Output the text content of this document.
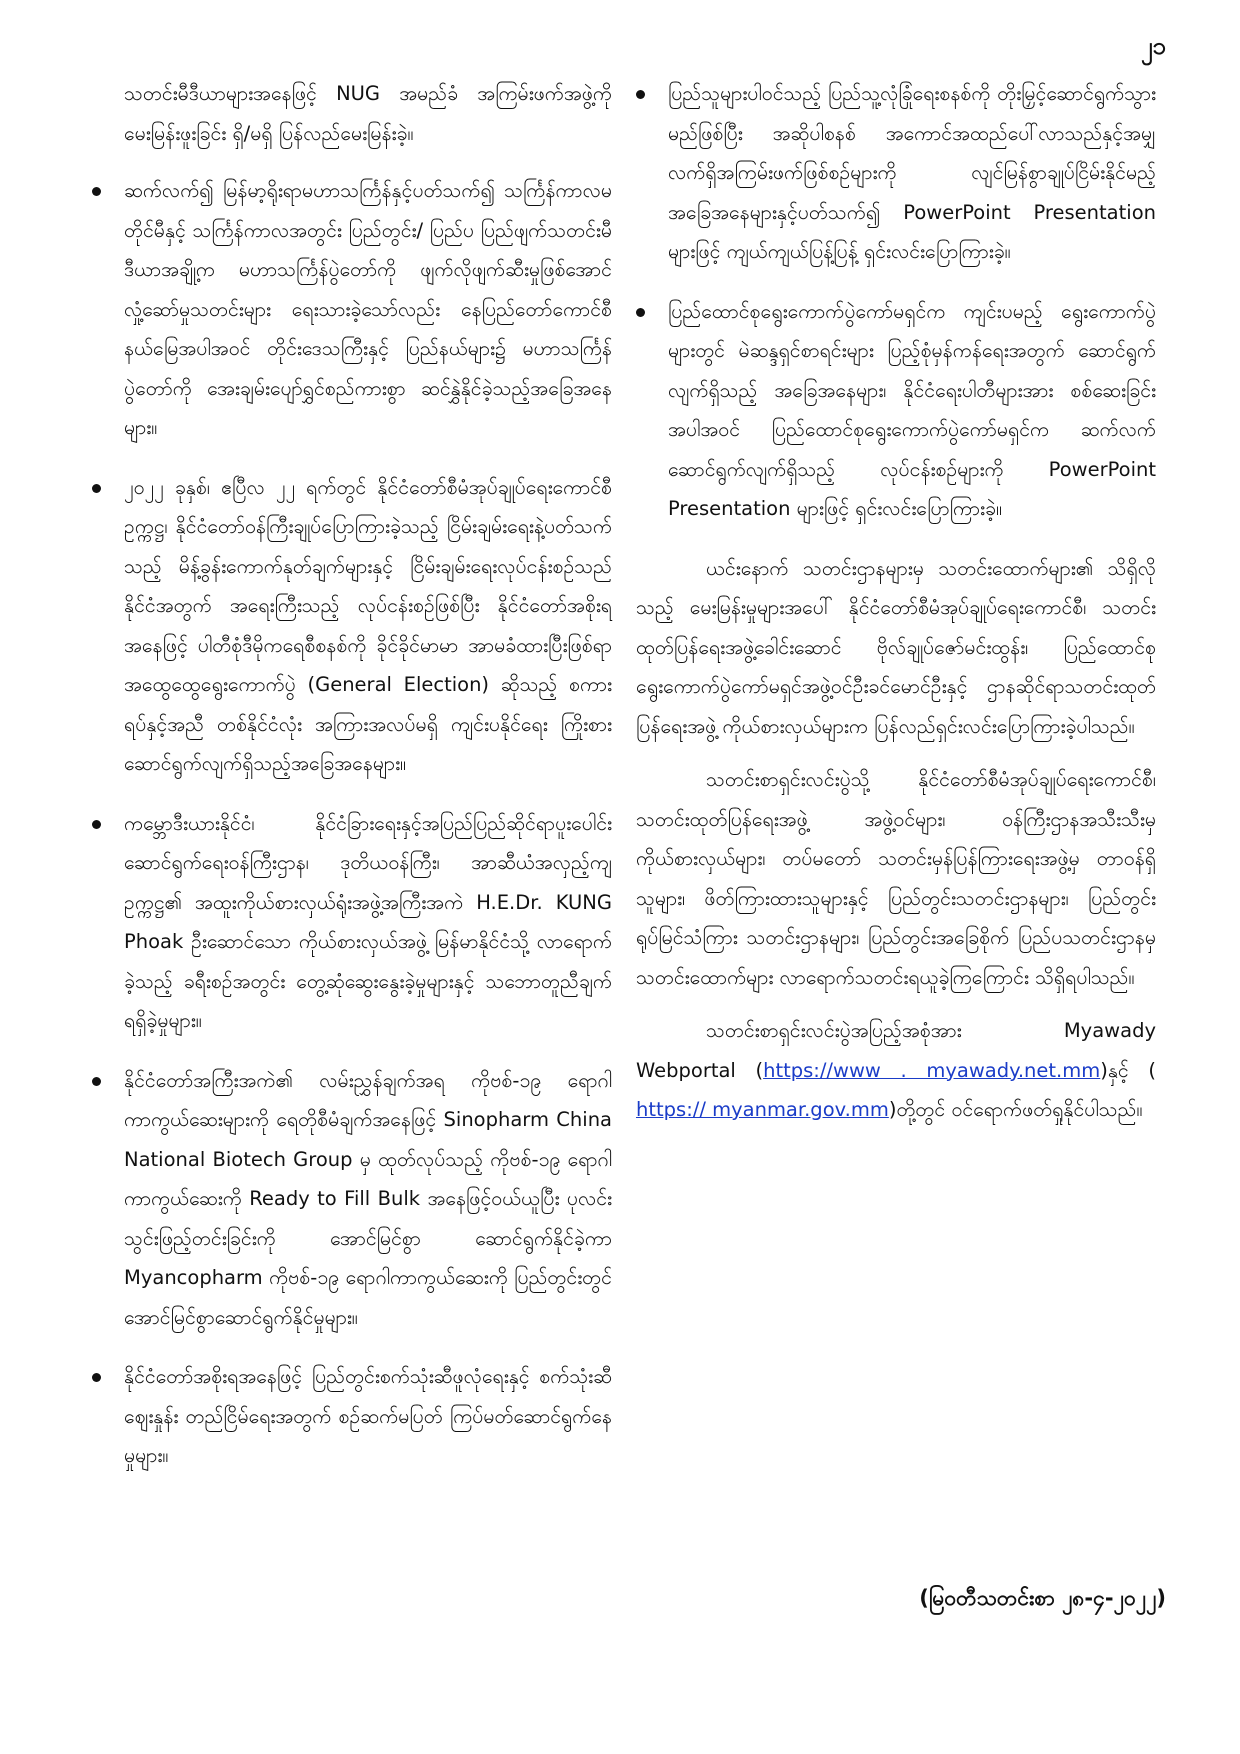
၂၁

သတင်းမီဒီယာများအနေဖြင့် NUG အမည်ခံ အကြမ်းဖက်အဖွဲ့ကို မေးမြန်းဖူးခြင်း ရှိ/မရှိ ပြန်လည်မေးမြန်းခဲ့။

ဆက်လက်၍ မြန်မာ့ရိုးရာမဟာသင်္ကြန်နှင့်ပတ်သက်၍ သင်္ကြန်ကာလမတိုင်မီနှင့် သင်္ကြန်ကာလအတွင်း ပြည်တွင်း/ ပြည်ပ ပြည်ဖျက်သတင်းမီဒီယာအချို့က မဟာသင်္ကြန်ပွဲတော်ကို ဖျက်လိုဖျက်ဆီးမှုဖြစ်အောင် လှုံ့ဆော်မှုသတင်းများ ရေးသားခဲ့သော်လည်း နေပြည်တော်ကောင်စီနယ်မြေအပါအဝင် တိုင်းဒေသကြီးနှင့် ပြည်နယ်များ၌ မဟာသင်္ကြန်ပွဲတော်ကို အေးချမ်းပျော်ရွှင်စည်ကားစွာ ဆင်နွှဲနိုင်ခဲ့သည့်အခြေအနေများ။
၂၀၂၂ ခုနှစ်၊ ဧပြီလ ၂၂ ရက်တွင် နိုင်ငံတော်စီမံအုပ်ချုပ်ရေးကောင်စီဥက္ကဋ္ဌ၊ နိုင်ငံတော်ဝန်ကြီးချုပ်ပြောကြားခဲ့သည့် ငြိမ်းချမ်းရေးနဲ့ပတ်သက်သည့် မိန့်ခွန်းကောက်နုတ်ချက်များနှင့် ငြိမ်းချမ်းရေးလုပ်ငန်းစဉ်သည် နိုင်ငံအတွက် အရေးကြီးသည့် လုပ်ငန်းစဉ်ဖြစ်ပြီး နိုင်ငံတော်အစိုးရအနေဖြင့် ပါတီစုံဒီမိုကရေစီစနစ်ကို ခိုင်ခိုင်မာမာ အာမခံထားပြီးဖြစ်ရာ အထွေထွေရွေးကောက်ပွဲ (General Election) ဆိုသည့် စကားရပ်နှင့်အညီ တစ်နိုင်ငံလုံး အကြားအလပ်မရှိ ကျင်းပနိုင်ရေး ကြိုးစားဆောင်ရွက်လျက်ရှိသည့်အခြေအနေများ။
ကမ္ဘောဒီးယားနိုင်ငံ၊ နိုင်ငံခြားရေးနှင့်အပြည်ပြည်ဆိုင်ရာပူးပေါင်းဆောင်ရွက်ရေးဝန်ကြီးဌာန၊ ဒုတိယဝန်ကြီး၊ အာဆီယံအလှည့်ကျဥက္ကဋ္ဌ၏ အထူးကိုယ်စားလှယ်ရုံးအဖွဲ့အကြီးအကဲ H.E.Dr. KUNG Phoak ဦးဆောင်သော ကိုယ်စားလှယ်အဖွဲ့ မြန်မာနိုင်ငံသို့ လာရောက်ခဲ့သည့် ခရီးစဉ်အတွင်း တွေ့ဆုံဆွေးနွေးခဲ့မှုများနှင့် သဘောတူညီချက်ရရှိခဲ့မှုများ။
နိုင်ငံတော်အကြီးအကဲ၏ လမ်းညွှန်ချက်အရ ကိုဗစ်-၁၉ ရောဂါ ကာကွယ်ဆေးများကို ရေတိုစီမံချက်အနေဖြင့် Sinopharm China National Biotech Group မှ ထုတ်လုပ်သည့် ကိုဗစ်-၁၉ ရောဂါကာကွယ်ဆေးကို Ready to Fill Bulk အနေဖြင့်ဝယ်ယူပြီး ပုလင်းသွင်းဖြည့်တင်းခြင်းကို အောင်မြင်စွာ ဆောင်ရွက်နိုင်ခဲ့ကာ Myancopharm ကိုဗစ်-၁၉ ရောဂါကာကွယ်ဆေးကို ပြည်တွင်းတွင် အောင်မြင်စွာဆောင်ရွက်နိုင်မှုများ။
နိုင်ငံတော်အစိုးရအနေဖြင့် ပြည်တွင်းစက်သုံးဆီဖူလုံရေးနှင့် စက်သုံးဆီဈေးနှုန်း တည်ငြိမ်ရေးအတွက် စဉ်ဆက်မပြတ် ကြပ်မတ်ဆောင်ရွက်နေမှုများ။
ပြည်သူများပါဝင်သည့် ပြည်သူ့လုံခြုံရေးစနစ်ကို တိုးမြှင့်ဆောင်ရွက်သွားမည်ဖြစ်ပြီး အဆိုပါစနစ် အကောင်အထည်ပေါ်လာသည်နှင့်အမျှ လက်ရှိအကြမ်းဖက်ဖြစ်စဉ်များကို လျင်မြန်စွာချုပ်ငြိမ်းနိုင်မည့် အခြေအနေများနှင့်ပတ်သက်၍ PowerPoint Presentation များဖြင့် ကျယ်ကျယ်ပြန့်ပြန့် ရှင်းလင်းပြောကြားခဲ့။
ပြည်ထောင်စုရွေးကောက်ပွဲကော်မရှင်က ကျင်းပမည့် ရွေးကောက်ပွဲများတွင် မဲဆန္ဒရှင်စာရင်းများ ပြည့်စုံမှန်ကန်ရေးအတွက် ဆောင်ရွက်လျက်ရှိသည့် အခြေအနေများ၊ နိုင်ငံရေးပါတီများအား စစ်ဆေးခြင်းအပါအဝင် ပြည်ထောင်စုရွေးကောက်ပွဲကော်မရှင်က ဆက်လက်ဆောင်ရွက်လျက်ရှိသည့် လုပ်ငန်းစဉ်များကို PowerPoint Presentation များဖြင့် ရှင်းလင်းပြောကြားခဲ့။

ယင်းနောက် သတင်းဌာနများမှ သတင်းထောက်များ၏ သိရှိလိုသည့် မေးမြန်းမှုများအပေါ် နိုင်ငံတော်စီမံအုပ်ချုပ်ရေးကောင်စီ၊ သတင်းထုတ်ပြန်ရေးအဖွဲ့ခေါင်းဆောင် ဗိုလ်ချုပ်ဇော်မင်းထွန်း၊ ပြည်ထောင်စုရွေးကောက်ပွဲကော်မရှင်အဖွဲ့ဝင်ဦးခင်မောင်ဦးနှင့် ဌာနဆိုင်ရာသတင်းထုတ်ပြန်ရေးအဖွဲ့ ကိုယ်စားလှယ်များက ပြန်လည်ရှင်းလင်းပြောကြားခဲ့ပါသည်။

သတင်းစာရှင်းလင်းပွဲသို့ နိုင်ငံတော်စီမံအုပ်ချုပ်ရေးကောင်စီ၊ သတင်းထုတ်ပြန်ရေးအဖွဲ့ အဖွဲ့ဝင်များ၊ ဝန်ကြီးဌာနအသီးသီးမှ ကိုယ်စားလှယ်များ၊ တပ်မတော် သတင်းမှန်ပြန်ကြားရေးအဖွဲ့မှ တာဝန်ရှိသူများ၊ ဖိတ်ကြားထားသူများနှင့် ပြည်တွင်းသတင်းဌာနများ၊ ပြည်တွင်းရုပ်မြင်သံကြား သတင်းဌာနများ၊ ပြည်တွင်းအခြေစိုက် ပြည်ပသတင်းဌာနမှ သတင်းထောက်များ လာရောက်သတင်းရယူခဲ့ကြကြောင်း သိရှိရပါသည်။

သတင်းစာရှင်းလင်းပွဲအပြည့်အစုံအား Myawady Webportal (https://www . myawady.net.mm)နှင့် ( https:// myanmar.gov.mm)တို့တွင် ဝင်ရောက်ဖတ်ရှုနိုင်ပါသည်။

(မြဝတီသတင်းစာ ၂၈-၄-၂၀၂၂)
